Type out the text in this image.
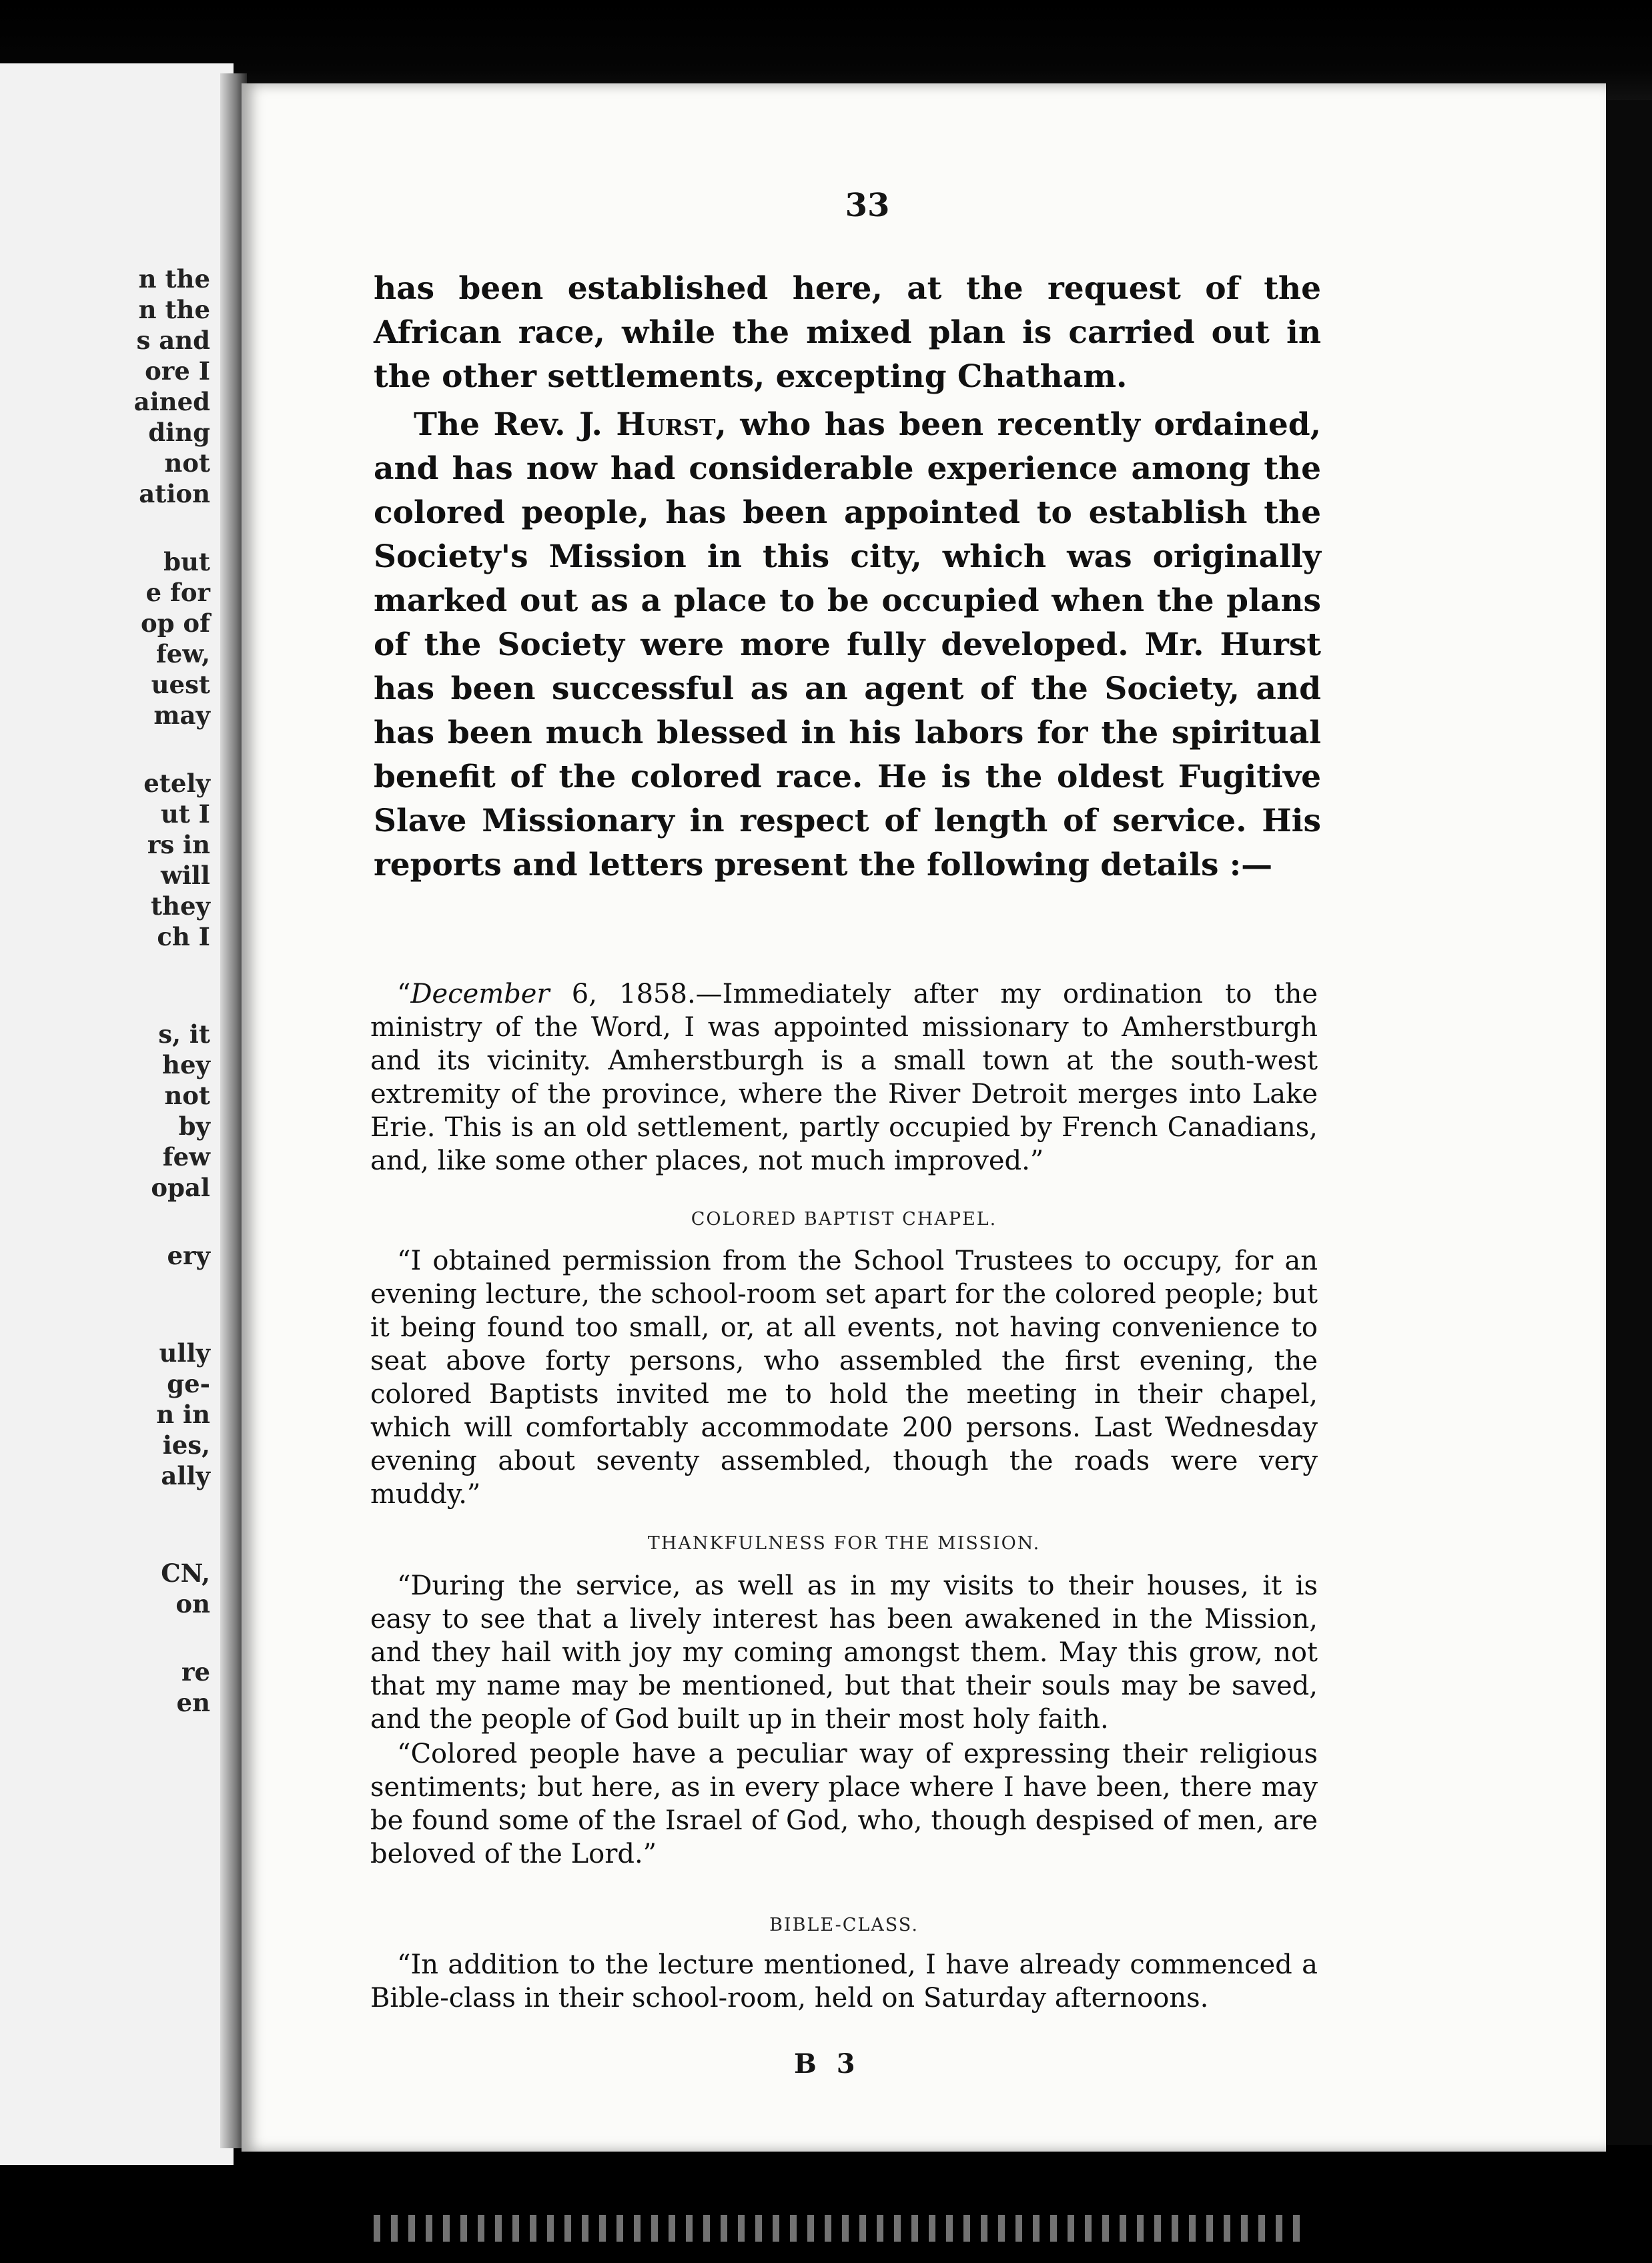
n the
n the
s and
ore I
ained
ding
not
ation
but
e for
op of
few,
uest
may
etely
ut I
rs in
will
they
ch I
s, it
hey
not
by
few
opal
ery
ully
ge-
n in
ies,
ally
CN,
on
re
en
33

has been established here, at the request of the African race, while the mixed plan is carried out in the other settlements, excepting Chatham.

The Rev. J. Hurst, who has been recently ordained, and has now had considerable experience among the colored people, has been appointed to establish the Society's Mission in this city, which was originally marked out as a place to be occupied when the plans of the Society were more fully developed. Mr. Hurst has been successful as an agent of the Society, and has been much blessed in his labors for the spiritual benefit of the colored race. He is the oldest Fugitive Slave Missionary in respect of length of service. His reports and letters present the following details :—

“December 6, 1858.—Immediately after my ordination to the ministry of the Word, I was appointed missionary to Amherstburgh and its vicinity. Amherstburgh is a small town at the south-west extremity of the province, where the River Detroit merges into Lake Erie. This is an old settlement, partly occupied by French Canadians, and, like some other places, not much improved.”

COLORED BAPTIST CHAPEL.

“I obtained permission from the School Trustees to occupy, for an evening lecture, the school-room set apart for the colored people; but it being found too small, or, at all events, not having convenience to seat above forty persons, who assembled the first evening, the colored Baptists invited me to hold the meeting in their chapel, which will comfortably accommodate 200 persons. Last Wednesday evening about seventy assembled, though the roads were very muddy.”

THANKFULNESS FOR THE MISSION.

“During the service, as well as in my visits to their houses, it is easy to see that a lively interest has been awakened in the Mission, and they hail with joy my coming amongst them. May this grow, not that my name may be mentioned, but that their souls may be saved, and the people of God built up in their most holy faith.

“Colored people have a peculiar way of expressing their religious sentiments; but here, as in every place where I have been, there may be found some of the Israel of God, who, though despised of men, are beloved of the Lord.”

BIBLE-CLASS.

“In addition to the lecture mentioned, I have already commenced a Bible-class in their school-room, held on Saturday afternoons.

B 3
